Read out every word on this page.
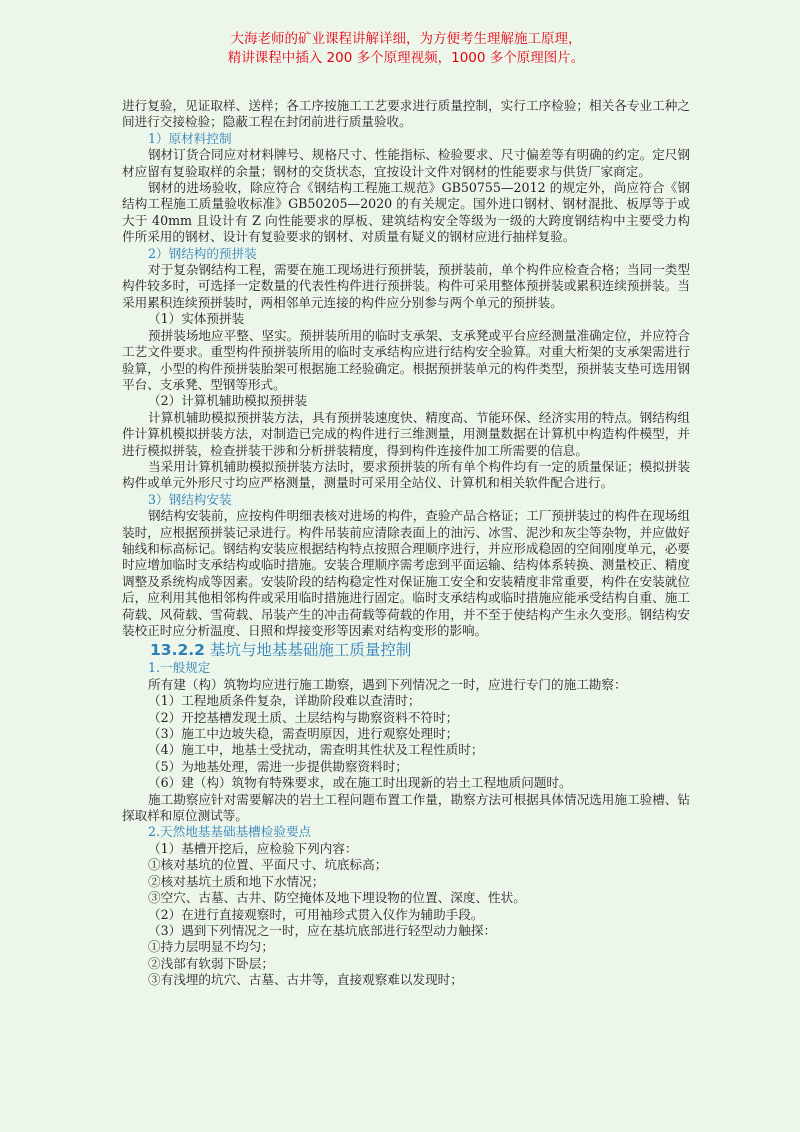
大海老师的矿业课程讲解详细，为方便考生理解施工原理，
精讲课程中插入 200 多个原理视频，1000 多个原理图片。

进行复验，见证取样、送样；各工序按施工工艺要求进行质量控制，实行工序检验；相关各专业工种之间进行交接检验；隐蔽工程在封闭前进行质量验收。

1）原材料控制

钢材订货合同应对材料牌号、规格尺寸、性能指标、检验要求、尺寸偏差等有明确的约定。定尺钢材应留有复验取样的余量；钢材的交货状态，宜按设计文件对钢材的性能要求与供货厂家商定。

钢材的进场验收，除应符合《钢结构工程施工规范》GB50755—2012 的规定外，尚应符合《钢结构工程施工质量验收标准》GB50205—2020 的有关规定。国外进口钢材、钢材混批、板厚等于或大于 40mm 且设计有 Z 向性能要求的厚板、建筑结构安全等级为一级的大跨度钢结构中主要受力构件所采用的钢材、设计有复验要求的钢材、对质量有疑义的钢材应进行抽样复验。

2）钢结构的预拼装

对于复杂钢结构工程，需要在施工现场进行预拼装，预拼装前，单个构件应检查合格；当同一类型构件较多时，可选择一定数量的代表性构件进行预拼装。构件可采用整体预拼装或累积连续预拼装。当采用累积连续预拼装时，两相邻单元连接的构件应分别参与两个单元的预拼装。

（1）实体预拼装

预拼装场地应平整、坚实。预拼装所用的临时支承架、支承凳或平台应经测量准确定位，并应符合工艺文件要求。重型构件预拼装所用的临时支承结构应进行结构安全验算。对重大桁架的支承架需进行验算，小型的构件预拼装胎架可根据施工经验确定。根据预拼装单元的构件类型，预拼装支垫可选用钢平台、支承凳、型钢等形式。

（2）计算机辅助模拟预拼装

计算机辅助模拟预拼装方法，具有预拼装速度快、精度高、节能环保、经济实用的特点。钢结构组件计算机模拟拼装方法，对制造已完成的构件进行三维测量，用测量数据在计算机中构造构件模型，并进行模拟拼装，检查拼装干涉和分析拼装精度，得到构件连接件加工所需要的信息。

当采用计算机辅助模拟预拼装方法时，要求预拼装的所有单个构件均有一定的质量保证；模拟拼装构件或单元外形尺寸均应严格测量，测量时可采用全站仪、计算机和相关软件配合进行。

3）钢结构安装

钢结构安装前，应按构件明细表核对进场的构件，查验产品合格证；工厂预拼装过的构件在现场组装时，应根据预拼装记录进行。构件吊装前应清除表面上的油污、冰雪、泥沙和灰尘等杂物，并应做好轴线和标高标记。钢结构安装应根据结构特点按照合理顺序进行，并应形成稳固的空间刚度单元，必要时应增加临时支承结构或临时措施。安装合理顺序需考虑到平面运输、结构体系转换、测量校正、精度调整及系统构成等因素。安装阶段的结构稳定性对保证施工安全和安装精度非常重要，构件在安装就位后，应利用其他相邻构件或采用临时措施进行固定。临时支承结构或临时措施应能承受结构自重、施工荷载、风荷载、雪荷载、吊装产生的冲击荷载等荷载的作用，并不至于使结构产生永久变形。钢结构安装校正时应分析温度、日照和焊接变形等因素对结构变形的影响。

13.2.2 基坑与地基基础施工质量控制

1.一般规定

所有建（构）筑物均应进行施工勘察，遇到下列情况之一时，应进行专门的施工勘察：

（1）工程地质条件复杂，详勘阶段难以查清时；

（2）开挖基槽发现土质、土层结构与勘察资料不符时；

（3）施工中边坡失稳，需查明原因，进行观察处理时；

（4）施工中，地基土受扰动，需查明其性状及工程性质时；

（5）为地基处理，需进一步提供勘察资料时；

（6）建（构）筑物有特殊要求，或在施工时出现新的岩土工程地质问题时。

施工勘察应针对需要解决的岩土工程问题布置工作量，勘察方法可根据具体情况选用施工验槽、钻探取样和原位测试等。

2.天然地基基础基槽检验要点

（1）基槽开挖后，应检验下列内容：

①核对基坑的位置、平面尺寸、坑底标高；

②核对基坑土质和地下水情况；

③空穴、古墓、古井、防空掩体及地下埋设物的位置、深度、性状。

（2）在进行直接观察时，可用袖珍式贯入仪作为辅助手段。

（3）遇到下列情况之一时，应在基坑底部进行轻型动力触探：

①持力层明显不均匀；

②浅部有软弱下卧层；

③有浅埋的坑穴、古墓、古井等，直接观察难以发现时；
